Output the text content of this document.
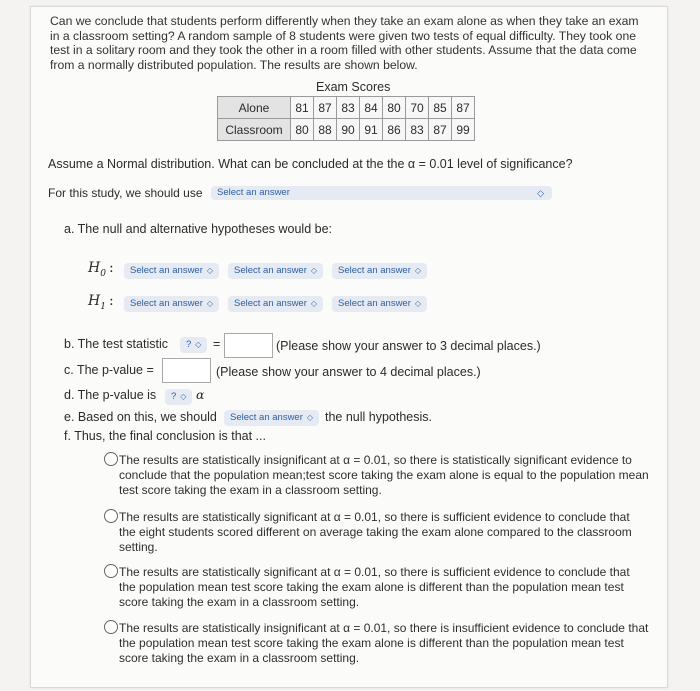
Can we conclude that students perform differently when they take an exam alone as when they take an exam in a classroom setting? A random sample of 8 students were given two tests of equal difficulty. They took one test in a solitary room and they took the other in a room filled with other students. Assume that the data come from a normally distributed population. The results are shown below.
Exam Scores
Alone	81	87	83	84	80	70	85	87
Classroom	80	88	90	91	86	83	87	99
Assume a Normal distribution. What can be concluded at the the α = 0.01 level of significance?
For this study, we should use	Select an answer	◇
a. The null and alternative hypotheses would be:
$H_0$ :	Select an answer ◇	Select an answer ◇	Select an answer ◇
$H_1$ :	Select an answer ◇	Select an answer ◇	Select an answer ◇
b. The test statistic	? ◇ =	(Please show your answer to 3 decimal places.)
c. The p-value =	(Please show your answer to 4 decimal places.)
d. The p-value is	? ◇ α
e. Based on this, we should	Select an answer ◇ the null hypothesis.
f. Thus, the final conclusion is that ...
The results are statistically insignificant at α = 0.01, so there is statistically significant evidence to conclude that the population mean;test score taking the exam alone is equal to the population mean test score taking the exam in a classroom setting.
The results are statistically significant at α = 0.01, so there is sufficient evidence to conclude that the eight students scored different on average taking the exam alone compared to the classroom setting.
The results are statistically significant at α = 0.01, so there is sufficient evidence to conclude that the population mean test score taking the exam alone is different than the population mean test score taking the exam in a classroom setting.
The results are statistically insignificant at α = 0.01, so there is insufficient evidence to conclude that the population mean test score taking the exam alone is different than the population mean test score taking the exam in a classroom setting.
